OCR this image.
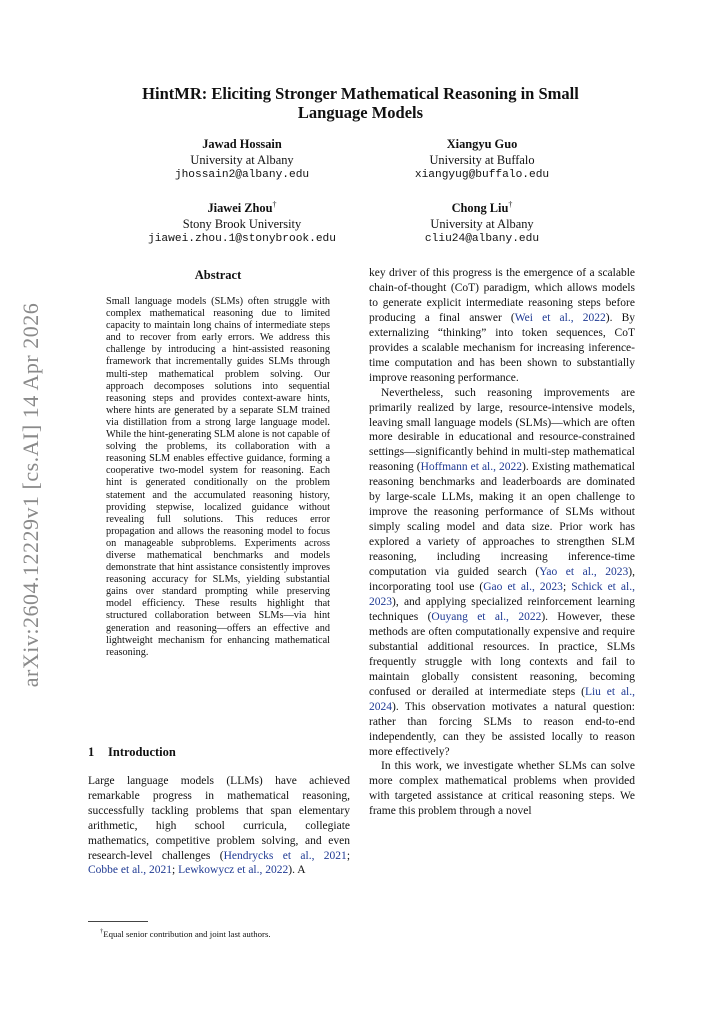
arXiv:2604.12229v1 [cs.AI] 14 Apr 2026
HintMR: Eliciting Stronger Mathematical Reasoning in Small
Language Models
Jawad Hossain
University at Albany
jhossain2@albany.edu
Xiangyu Guo
University at Buffalo
xiangyug@buffalo.edu
Jiawei Zhou†
Stony Brook University
jiawei.zhou.1@stonybrook.edu
Chong Liu†
University at Albany
cliu24@albany.edu
Abstract
Small language models (SLMs) often struggle with complex mathematical reasoning due to limited capacity to maintain long chains of intermediate steps and to recover from early errors. We address this challenge by introducing a hint-assisted reasoning framework that incrementally guides SLMs through multi-step mathematical problem solving. Our approach decomposes solutions into sequential reasoning steps and provides context-aware hints, where hints are generated by a separate SLM trained via distillation from a strong large language model. While the hint-generating SLM alone is not capable of solving the problems, its collaboration with a reasoning SLM enables effective guidance, forming a cooperative two-model system for reasoning. Each hint is generated conditionally on the problem statement and the accumulated reasoning history, providing stepwise, localized guidance without revealing full solutions. This reduces error propagation and allows the reasoning model to focus on manageable subproblems. Experiments across diverse mathematical benchmarks and models demonstrate that hint assistance consistently improves reasoning accuracy for SLMs, yielding substantial gains over standard prompting while preserving model efficiency. These results highlight that structured collaboration between SLMs—via hint generation and reasoning—offers an effective and lightweight mechanism for enhancing mathematical reasoning.
1 Introduction
Large language models (LLMs) have achieved remarkable progress in mathematical reasoning, successfully tackling problems that span elementary arithmetic, high school curricula, collegiate mathematics, competitive problem solving, and even research-level challenges (Hendrycks et al., 2021; Cobbe et al., 2021; Lewkowycz et al., 2022). A
†Equal senior contribution and joint last authors.

key driver of this progress is the emergence of a scalable chain-of-thought (CoT) paradigm, which allows models to generate explicit intermediate reasoning steps before producing a final answer (Wei et al., 2022). By externalizing “thinking” into token sequences, CoT provides a scalable mechanism for increasing inference-time computation and has been shown to substantially improve reasoning performance.

Nevertheless, such reasoning improvements are primarily realized by large, resource-intensive models, leaving small language models (SLMs)—which are often more desirable in educational and resource-constrained settings—significantly behind in multi-step mathematical reasoning (Hoffmann et al., 2022). Existing mathematical reasoning benchmarks and leaderboards are dominated by large-scale LLMs, making it an open challenge to improve the reasoning performance of SLMs without simply scaling model and data size. Prior work has explored a variety of approaches to strengthen SLM reasoning, including increasing inference-time computation via guided search (Yao et al., 2023), incorporating tool use (Gao et al., 2023; Schick et al., 2023), and applying specialized reinforcement learning techniques (Ouyang et al., 2022). However, these methods are often computationally expensive and require substantial additional resources. In practice, SLMs frequently struggle with long contexts and fail to maintain globally consistent reasoning, becoming confused or derailed at intermediate steps (Liu et al., 2024). This observation motivates a natural question: rather than forcing SLMs to reason end-to-end independently, can they be assisted locally to reason more effectively?

In this work, we investigate whether SLMs can solve more complex mathematical problems when provided with targeted assistance at critical reasoning steps. We frame this problem through a novel
